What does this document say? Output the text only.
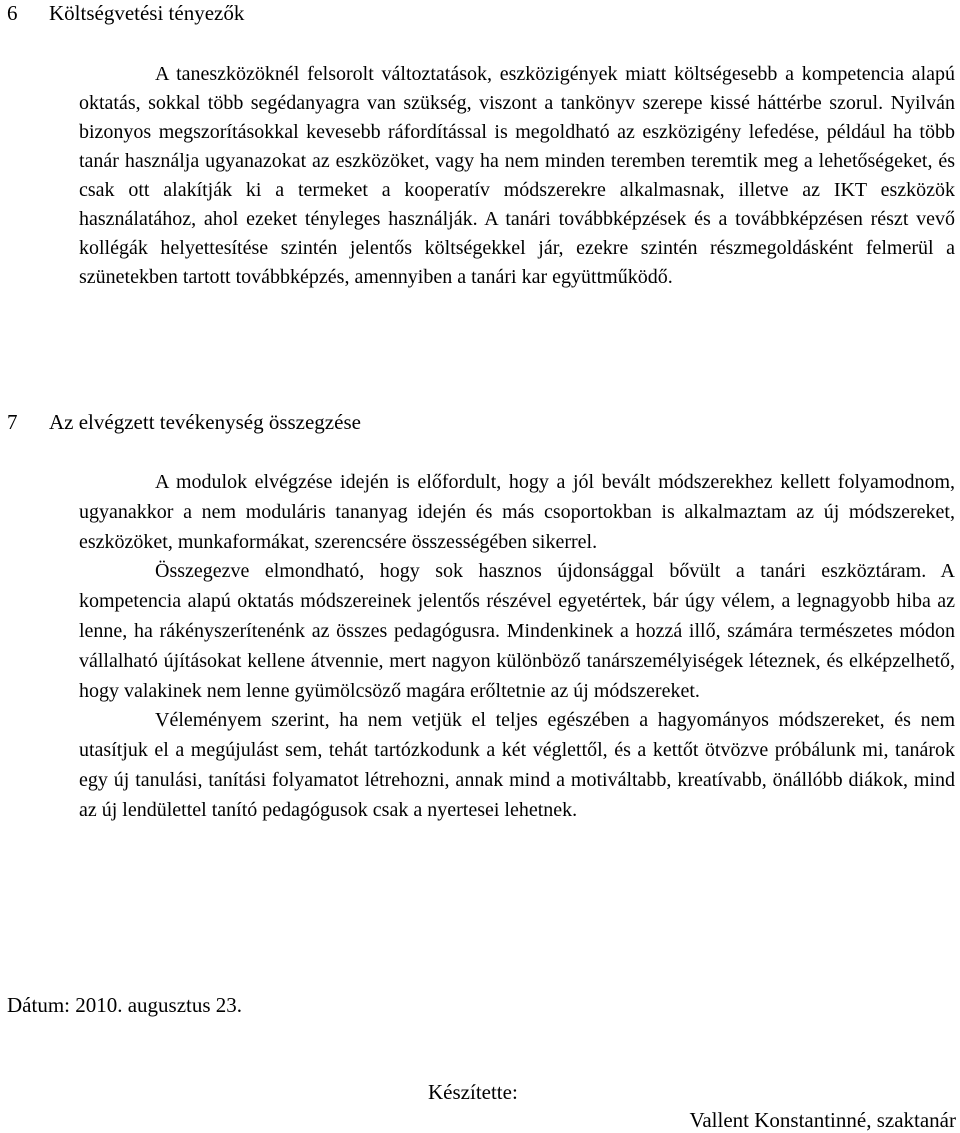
6 Költségvetési tényezők

A taneszközöknél felsorolt változtatások, eszközigények miatt költségesebb a kompetencia alapú oktatás, sokkal több segédanyagra van szükség, viszont a tankönyv szerepe kissé háttérbe szorul. Nyilván bizonyos megszorításokkal kevesebb ráfordítással is megoldható az eszközigény lefedése, például ha több tanár használja ugyanazokat az eszközöket, vagy ha nem minden teremben teremtik meg a lehetőségeket, és csak ott alakítják ki a termeket a kooperatív módszerekre alkalmasnak, illetve az IKT eszközök használatához, ahol ezeket tényleges használják. A tanári továbbképzések és a továbbképzésen részt vevő kollégák helyettesítése szintén jelentős költségekkel jár, ezekre szintén részmegoldásként felmerül a szünetekben tartott továbbképzés, amennyiben a tanári kar együttműködő.

7 Az elvégzett tevékenység összegzése

A modulok elvégzése idején is előfordult, hogy a jól bevált módszerekhez kellett folyamodnom, ugyanakkor a nem moduláris tananyag idején és más csoportokban is alkalmaztam az új módszereket, eszközöket, munkaformákat, szerencsére összességében sikerrel.

Összegezve elmondható, hogy sok hasznos újdonsággal bővült a tanári eszköztáram. A kompetencia alapú oktatás módszereinek jelentős részével egyetértek, bár úgy vélem, a legnagyobb hiba az lenne, ha rákényszerítenénk az összes pedagógusra. Mindenkinek a hozzá illő, számára természetes módon vállalható újításokat kellene átvennie, mert nagyon különböző tanárszemélyiségek léteznek, és elképzelhető, hogy valakinek nem lenne gyümölcsöző magára erőltetnie az új módszereket.

Véleményem szerint, ha nem vetjük el teljes egészében a hagyományos módszereket, és nem utasítjuk el a megújulást sem, tehát tartózkodunk a két véglettől, és a kettőt ötvözve próbálunk mi, tanárok egy új tanulási, tanítási folyamatot létrehozni, annak mind a motiváltabb, kreatívabb, önállóbb diákok, mind az új lendülettel tanító pedagógusok csak a nyertesei lehetnek.

Dátum: 2010. augusztus 23.
Készítette:
Vallent Konstantinné, szaktanár
